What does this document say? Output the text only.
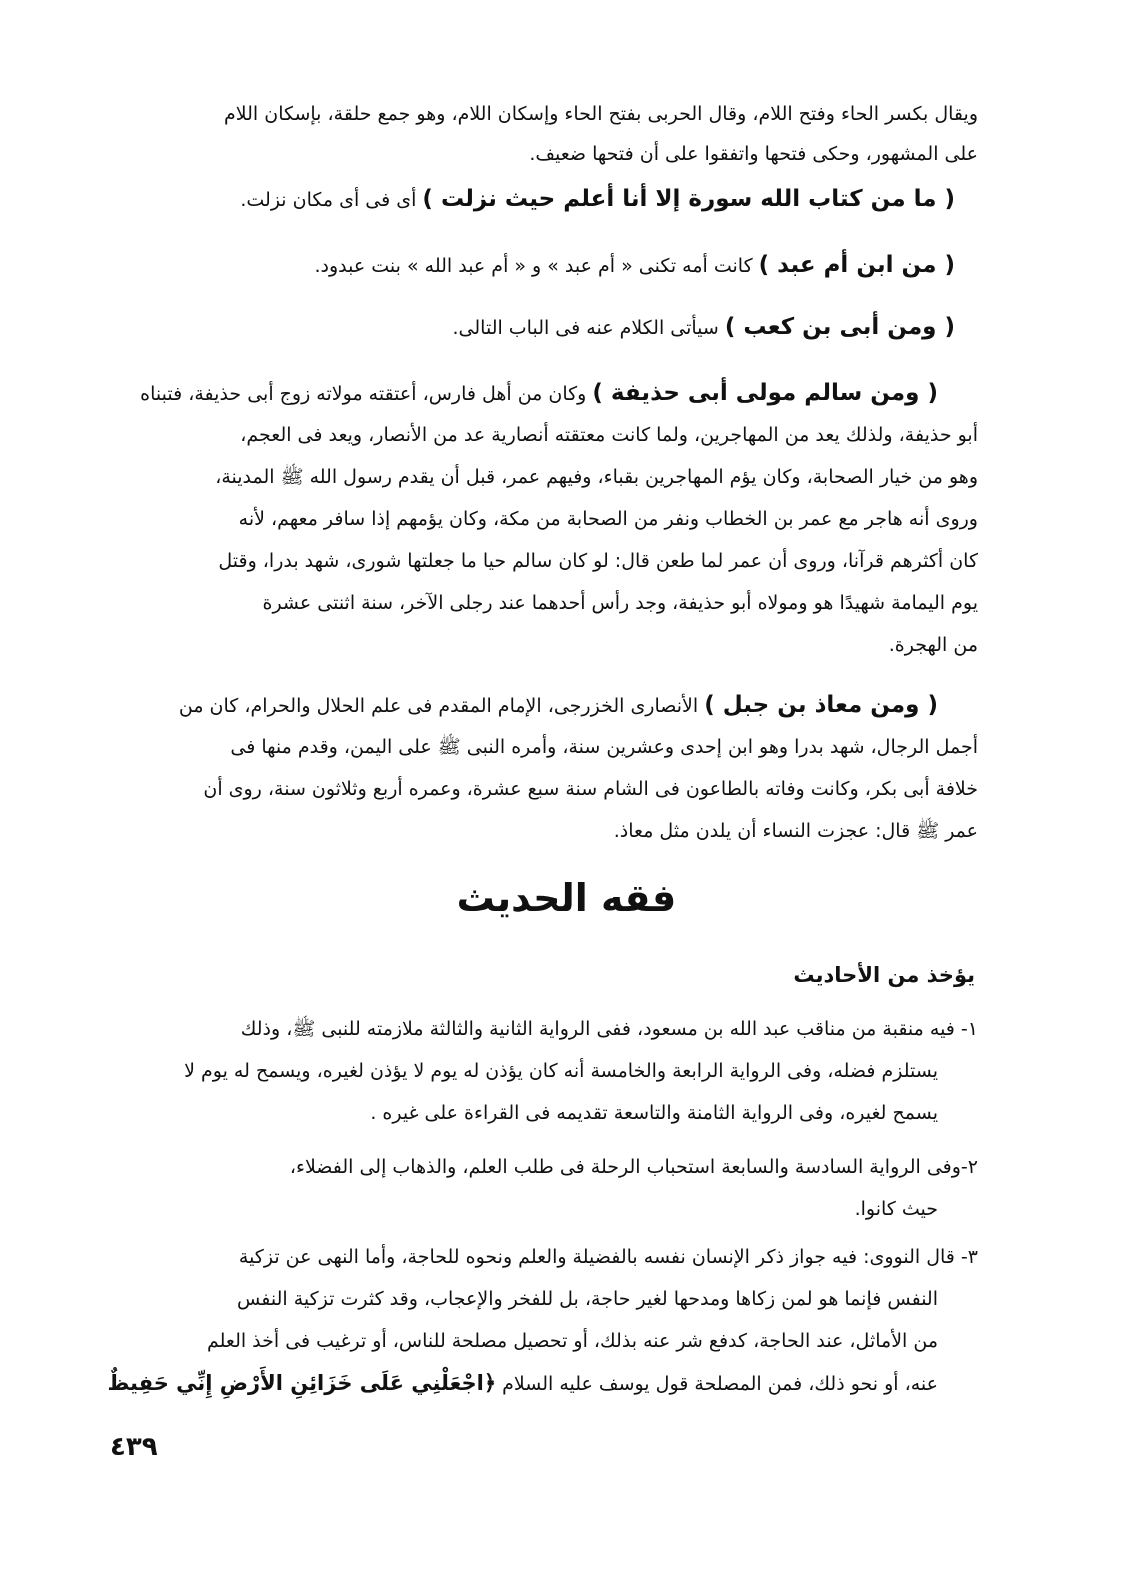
ويقال بكسر الحاء وفتح اللام، وقال الحربى بفتح الحاء وإسكان اللام، وهو جمع حلقة، بإسكان اللام
على المشهور، وحكى فتحها واتفقوا على أن فتحها ضعيف.
( ما من كتاب الله سورة إلا أنا أعلم حيث نزلت ) أى فى أى مكان نزلت.
( من ابن أم عبد ) كانت أمه تكنى « أم عبد » و « أم عبد الله » بنت عبدود.
( ومن أبى بن كعب ) سيأتى الكلام عنه فى الباب التالى.
( ومن سالم مولى أبى حذيفة ) وكان من أهل فارس، أعتقته مولاته زوج أبى حذيفة، فتبناه
أبو حذيفة، ولذلك يعد من المهاجرين، ولما كانت معتقته أنصارية عد من الأنصار، ويعد فى العجم،
وهو من خيار الصحابة، وكان يؤم المهاجرين بقباء، وفيهم عمر، قبل أن يقدم رسول الله ﷺ المدينة،
وروى أنه هاجر مع عمر بن الخطاب ونفر من الصحابة من مكة، وكان يؤمهم إذا سافر معهم، لأنه
كان أكثرهم قرآنا، وروى أن عمر لما طعن قال: لو كان سالم حيا ما جعلتها شورى، شهد بدرا، وقتل
يوم اليمامة شهيدًا هو ومولاه أبو حذيفة، وجد رأس أحدهما عند رجلى الآخر، سنة اثنتى عشرة
من الهجرة.
( ومن معاذ بن جبل ) الأنصارى الخزرجى، الإمام المقدم فى علم الحلال والحرام، كان من
أجمل الرجال، شهد بدرا وهو ابن إحدى وعشرين سنة، وأمره النبى ﷺ على اليمن، وقدم منها فى
خلافة أبى بكر، وكانت وفاته بالطاعون فى الشام سنة سبع عشرة، وعمره أربع وثلاثون سنة، روى أن
عمر ﷺ قال: عجزت النساء أن يلدن مثل معاذ.
فقه الحديث
يؤخذ من الأحاديث
١- فيه منقبة من مناقب عبد الله بن مسعود، ففى الرواية الثانية والثالثة ملازمته للنبى ﷺ، وذلك
يستلزم فضله، وفى الرواية الرابعة والخامسة أنه كان يؤذن له يوم لا يؤذن لغيره، ويسمح له يوم لا
يسمح لغيره، وفى الرواية الثامنة والتاسعة تقديمه فى القراءة على غيره .
٢-وفى الرواية السادسة والسابعة استحباب الرحلة فى طلب العلم، والذهاب إلى الفضلاء،
حيث كانوا.
٣- قال النووى: فيه جواز ذكر الإنسان نفسه بالفضيلة والعلم ونحوه للحاجة، وأما النهى عن تزكية
النفس فإنما هو لمن زكاها ومدحها لغير حاجة، بل للفخر والإعجاب، وقد كثرت تزكية النفس
من الأماثل، عند الحاجة، كدفع شر عنه بذلك، أو تحصيل مصلحة للناس، أو ترغيب فى أخذ العلم
عنه، أو نحو ذلك، فمن المصلحة قول يوسف عليه السلام ﴿اجْعَلْنِي عَلَى خَزَائِنِ الأَرْضِ إِنِّي حَفِيظٌ
٤٣٩
